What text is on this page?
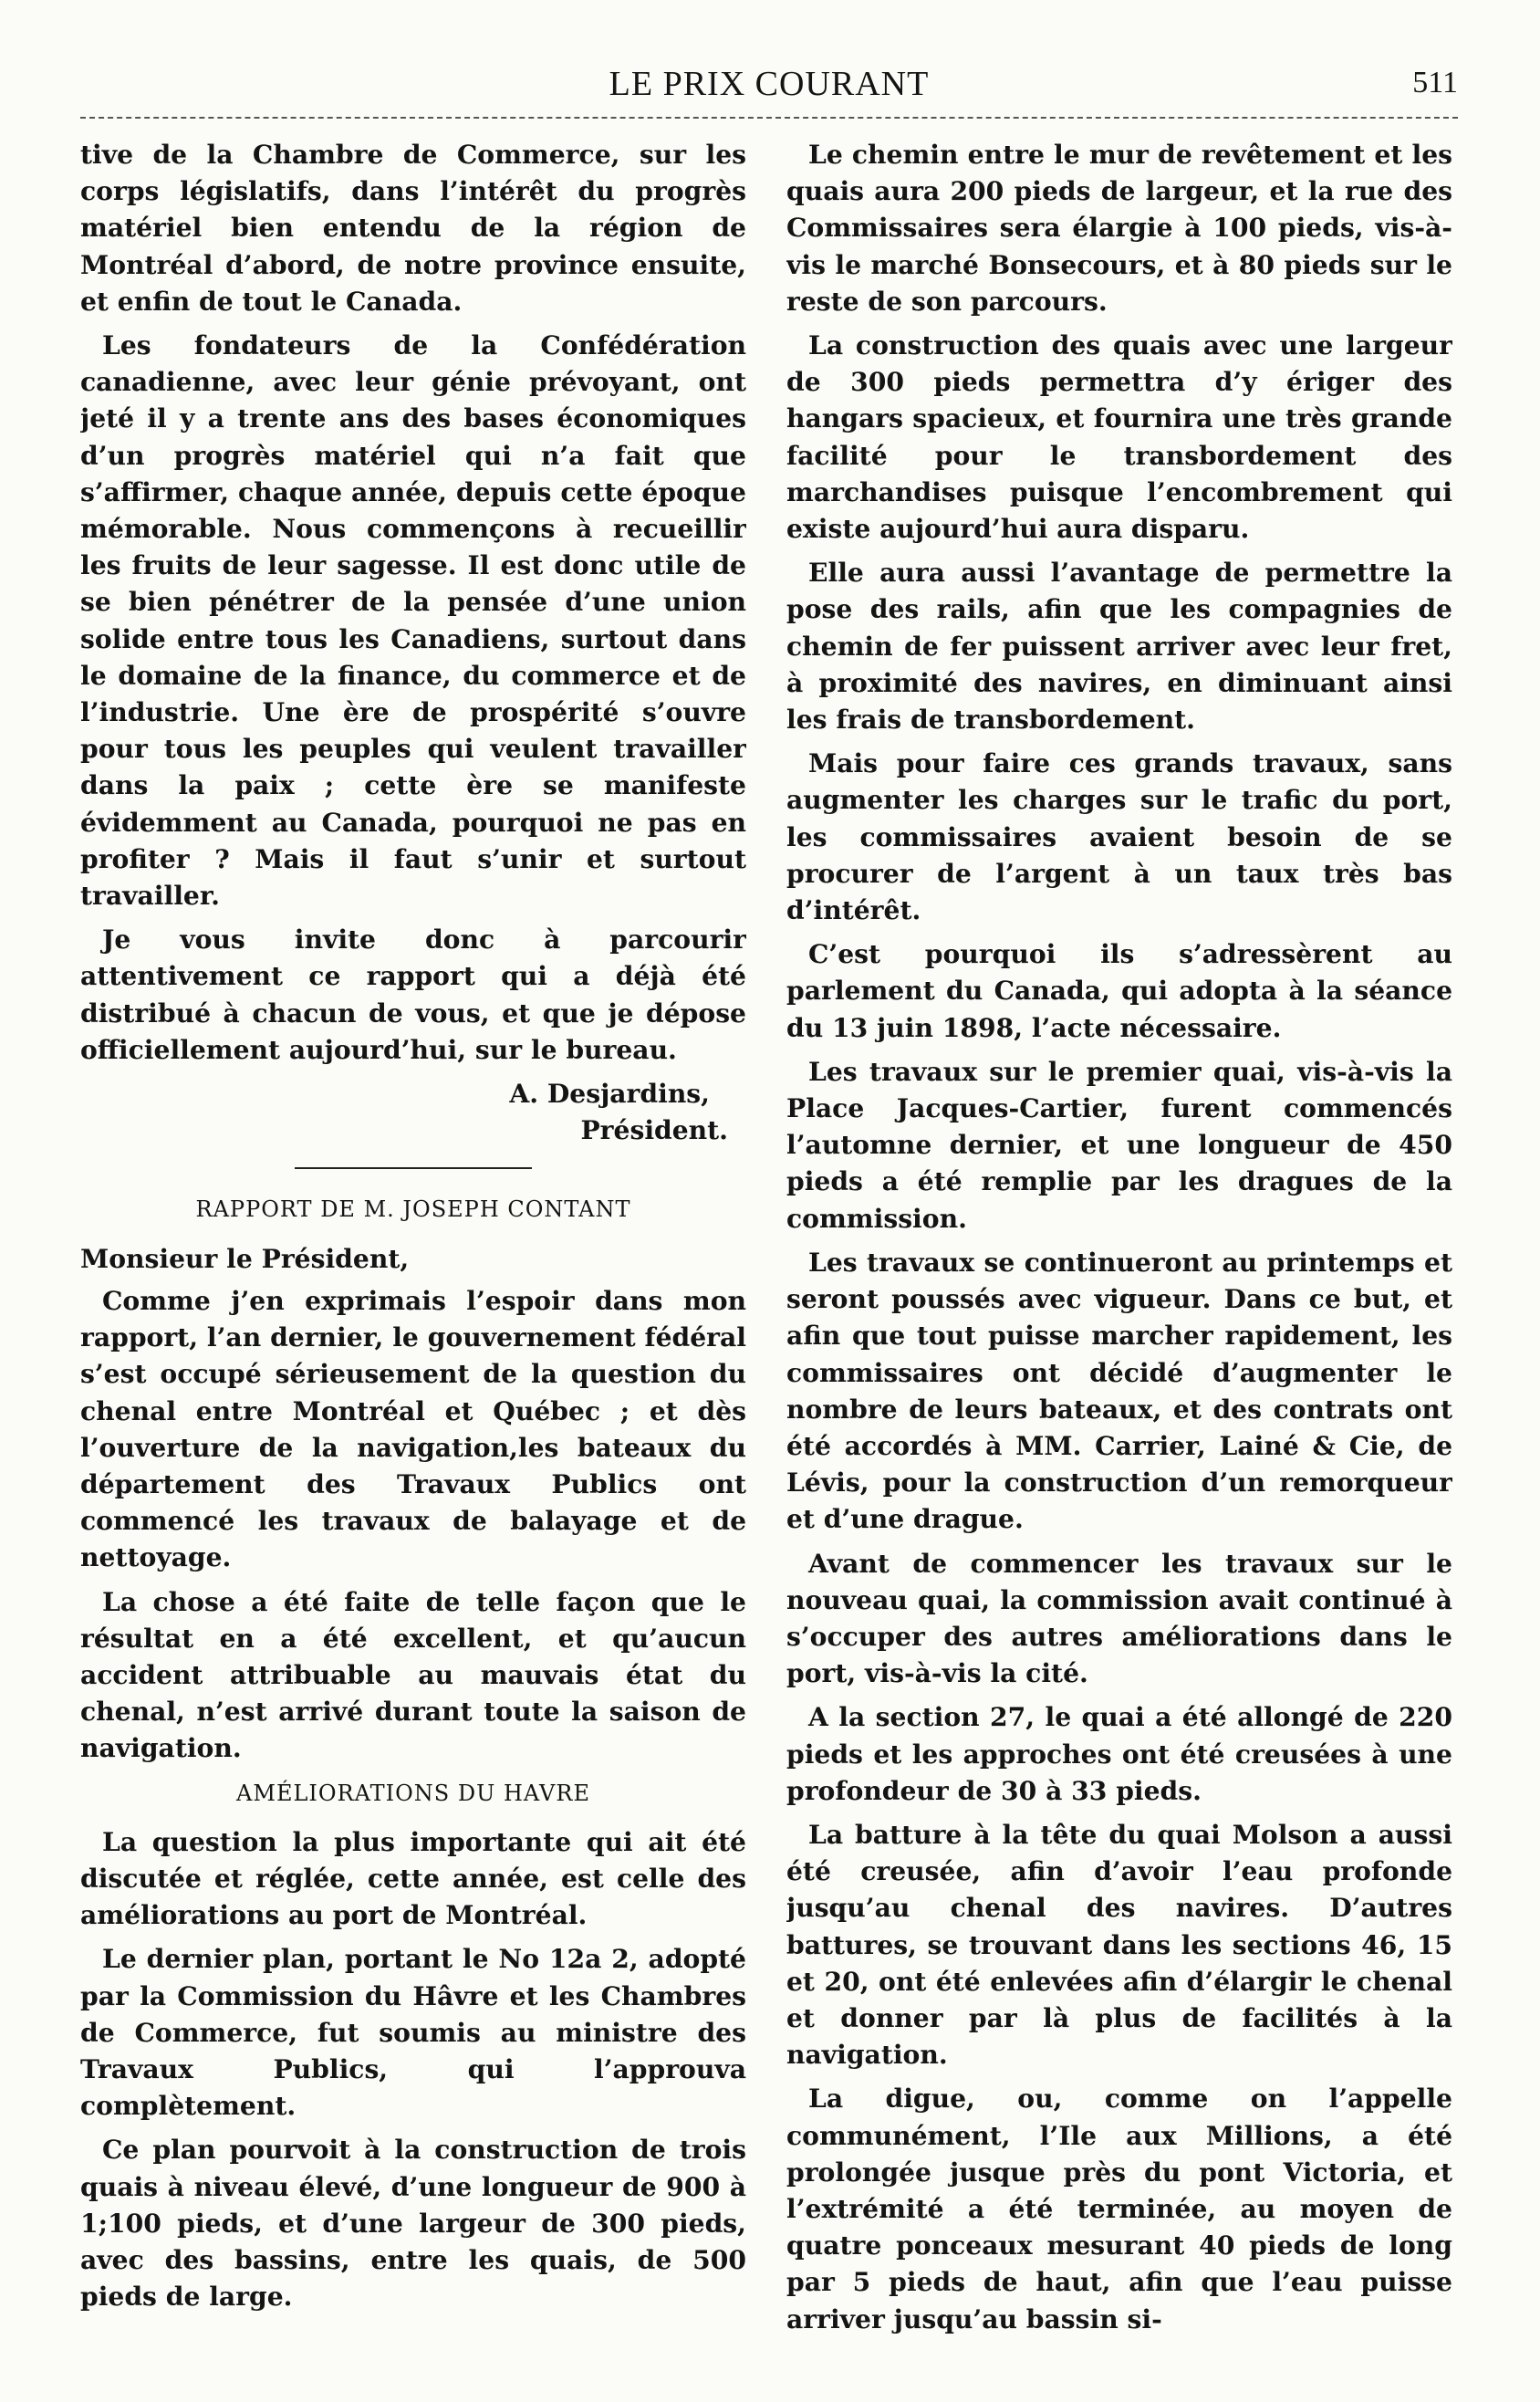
LE PRIX COURANT	511

tive de la Chambre de Commerce, sur les corps législatifs, dans l’intérêt du progrès matériel bien entendu de la région de Montréal d’abord, de notre province ensuite, et enfin de tout le Canada.

Les fondateurs de la Confédération canadienne, avec leur génie prévoyant, ont jeté il y a trente ans des bases économiques d’un progrès matériel qui n’a fait que s’affirmer, chaque année, depuis cette époque mémorable. Nous commençons à recueillir les fruits de leur sagesse. Il est donc utile de se bien pénétrer de la pensée d’une union solide entre tous les Canadiens, surtout dans le domaine de la finance, du commerce et de l’industrie. Une ère de prospérité s’ouvre pour tous les peuples qui veulent travailler dans la paix ; cette ère se manifeste évidemment au Canada, pourquoi ne pas en profiter ? Mais il faut s’unir et surtout travailler.

Je vous invite donc à parcourir attentivement ce rapport qui a déjà été distribué à chacun de vous, et que je dépose officiellement aujourd’hui, sur le bureau.

A. Desjardins,
Président.
RAPPORT DE M. JOSEPH CONTANT
Monsieur le Président,

Comme j’en exprimais l’espoir dans mon rapport, l’an dernier, le gouvernement fédéral s’est occupé sérieusement de la question du chenal entre Montréal et Québec ; et dès l’ouverture de la navigation,les bateaux du département des Travaux Publics ont commencé les travaux de balayage et de nettoyage.

La chose a été faite de telle façon que le résultat en a été excellent, et qu’aucun accident attribuable au mauvais état du chenal, n’est arrivé durant toute la saison de navigation.

AMÉLIORATIONS DU HAVRE

La question la plus importante qui ait été discutée et réglée, cette année, est celle des améliorations au port de Montréal.

Le dernier plan, portant le No 12a 2, adopté par la Commission du Hâvre et les Chambres de Commerce, fut soumis au ministre des Travaux Publics, qui l’approuva complètement.

Ce plan pourvoit à la construction de trois quais à niveau élevé, d’une longueur de 900 à 1;100 pieds, et d’une largeur de 300 pieds, avec des bassins, entre les quais, de 500 pieds de large.

Le chemin entre le mur de revêtement et les quais aura 200 pieds de largeur, et la rue des Commissaires sera élargie à 100 pieds, vis-à-vis le marché Bonsecours, et à 80 pieds sur le reste de son parcours.

La construction des quais avec une largeur de 300 pieds permettra d’y ériger des hangars spacieux, et fournira une très grande facilité pour le transbordement des marchandises puisque l’encombrement qui existe aujourd’hui aura disparu.

Elle aura aussi l’avantage de permettre la pose des rails, afin que les compagnies de chemin de fer puissent arriver avec leur fret, à proximité des navires, en diminuant ainsi les frais de transbordement.

Mais pour faire ces grands travaux, sans augmenter les charges sur le trafic du port, les commissaires avaient besoin de se procurer de l’argent à un taux très bas d’intérêt.

C’est pourquoi ils s’adressèrent au parlement du Canada, qui adopta à la séance du 13 juin 1898, l’acte nécessaire.

Les travaux sur le premier quai, vis-à-vis la Place Jacques-Cartier, furent commencés l’automne dernier, et une longueur de 450 pieds a été remplie par les dragues de la commission.

Les travaux se continueront au printemps et seront poussés avec vigueur. Dans ce but, et afin que tout puisse marcher rapidement, les commissaires ont décidé d’augmenter le nombre de leurs bateaux, et des contrats ont été accordés à MM. Carrier, Lainé & Cie, de Lévis, pour la construction d’un remorqueur et d’une drague.

Avant de commencer les travaux sur le nouveau quai, la commission avait continué à s’occuper des autres améliorations dans le port, vis-à-vis la cité.

A la section 27, le quai a été allongé de 220 pieds et les approches ont été creusées à une profondeur de 30 à 33 pieds.

La batture à la tête du quai Molson a aussi été creusée, afin d’avoir l’eau profonde jusqu’au chenal des navires. D’autres battures, se trouvant dans les sections 46, 15 et 20, ont été enlevées afin d’élargir le chenal et donner par là plus de facilités à la navigation.

La digue, ou, comme on l’appelle communément, l’Ile aux Millions, a été prolongée jusque près du pont Victoria, et l’extrémité a été terminée, au moyen de quatre ponceaux mesurant 40 pieds de long par 5 pieds de haut, afin que l’eau puisse arriver jusqu’au bassin si-
